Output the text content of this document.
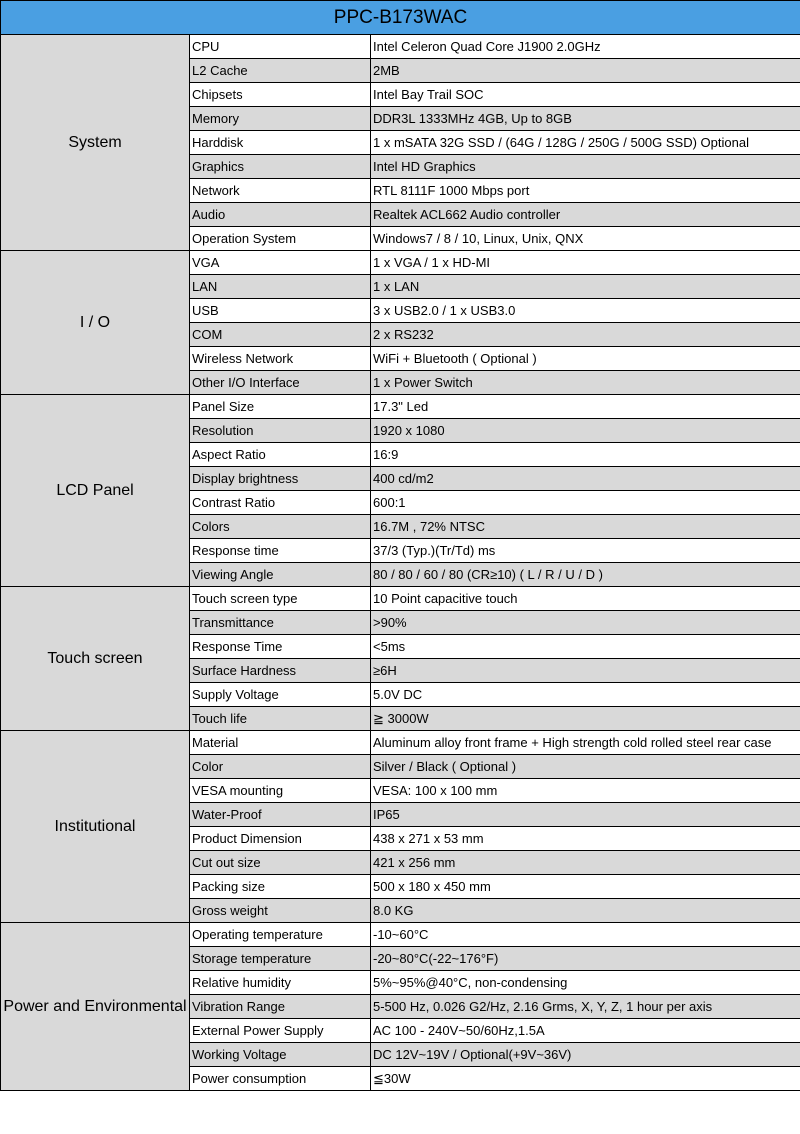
PPC-B173WAC		
System	CPU	Intel Celeron Quad Core J1900 2.0GHz
	L2 Cache	2MB
	Chipsets	Intel Bay Trail SOC
	Memory	DDR3L 1333MHz 4GB, Up to 8GB
	Harddisk	1 x mSATA 32G SSD / (64G / 128G / 250G / 500G SSD) Optional
	Graphics	Intel HD Graphics
	Network	RTL 8111F 1000 Mbps port
	Audio	Realtek ACL662 Audio controller
	Operation System	Windows7 / 8 / 10, Linux, Unix, QNX
I / O	VGA	1 x VGA / 1 x HD-MI
	LAN	1 x LAN
	USB	3 x USB2.0 / 1 x USB3.0
	COM	2 x RS232
	Wireless Network	WiFi + Bluetooth ( Optional )
	Other I/O Interface	1 x Power Switch
LCD Panel	Panel Size	17.3" Led
	Resolution	1920 x 1080
	Aspect Ratio	16:9
	Display brightness	400 cd/m2
	Contrast Ratio	600:1
	Colors	16.7M , 72% NTSC
	Response time	37/3 (Typ.)(Tr/Td) ms
	Viewing Angle	80 / 80 / 60 / 80 (CR≥10) ( L / R / U / D )
Touch screen	Touch screen type	10 Point capacitive touch
	Transmittance	>90%
	Response Time	<5ms
	Surface Hardness	≥6H
	Supply Voltage	5.0V DC
	Touch life	≧ 3000W
Institutional	Material	Aluminum alloy front frame + High strength cold rolled steel rear case
	Color	Silver / Black ( Optional )
	VESA mounting	VESA: 100 x 100 mm
	Water-Proof	IP65
	Product Dimension	438 x 271 x 53 mm
	Cut out size	421 x 256 mm
	Packing size	500 x 180 x 450 mm
	Gross weight	8.0 KG
Power and Environmental	Operating temperature	-10~60°C
	Storage temperature	-20~80°C(-22~176°F)
	Relative humidity	5%~95%@40°C, non-condensing
	Vibration Range	5-500 Hz, 0.026 G2/Hz, 2.16 Grms, X, Y, Z, 1 hour per axis
	External Power Supply	AC 100 - 240V~50/60Hz,1.5A
	Working Voltage	DC 12V~19V / Optional(+9V~36V)
	Power consumption	≦30W
